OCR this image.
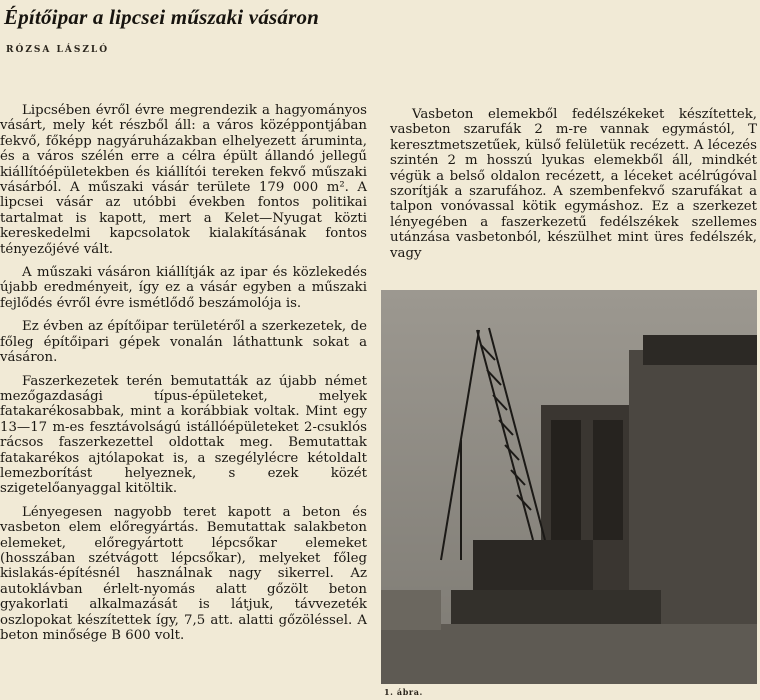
Építőipar a lipcsei műszaki vásáron
RÓZSA LÁSZLÓ

Lipcsében évről évre megrendezik a hagyományos vásárt, mely két részből áll: a város középpontjában fekvő, főképp nagyáruházakban elhelyezett áruminta, és a város szélén erre a célra épült állandó jellegű kiállítóépületekben és kiállítói tereken fekvő műszaki vásárból. A műszaki vásár területe 179 000 m². A lipcsei vásár az utóbbi években fontos politikai tartalmat is kapott, mert a Kelet—Nyugat közti kereskedelmi kapcsolatok kialakításának fontos tényezőjévé vált.

A műszaki vásáron kiállítják az ipar és közlekedés újabb eredményeit, így ez a vásár egyben a műszaki fejlődés évről évre ismétlődő beszámolója is.

Ez évben az építőipar területéről a szerkezetek, de főleg építőipari gépek vonalán láthattunk sokat a vásáron.

Faszerkezetek terén bemutatták az újabb német mezőgazdasági típus-épületeket, melyek fatakarékosabbak, mint a korábbiak voltak. Mint egy 13—17 m-es fesztávolságú istállóépületeket 2-csuklós rácsos faszerkezettel oldottak meg. Bemutattak fatakarékos ajtólapokat is, a szegélylécre kétoldalt lemezborítást helyeznek, s ezek közét szigetelőanyaggal kitöltik.

Lényegesen nagyobb teret kapott a beton és vasbeton elem előregyártás. Bemutattak salakbeton elemeket, előregyártott lépcsőkar elemeket (hosszában szétvágott lépcsőkar), melyeket főleg kislakás-építésnél használnak nagy sikerrel. Az autoklávban érlelt-nyomás alatt gőzölt beton gyakorlati alkalmazását is látjuk, távvezeték oszlopokat készítettek így, 7,5 att. alatti gőzöléssel. A beton minősége B 600 volt.

Vasbeton elemekből fedélszékeket készítettek, vasbeton szarufák 2 m-re vannak egymástól, T keresztmetszetűek, külső felületük recézett. A lécezés szintén 2 m hosszú lyukas elemekből áll, mindkét végük a belső oldalon recézett, a léceket acélrúgóval szorítják a szarufához. A szembenfekvő szarufákat a talpon vonóvassal kötik egymáshoz. Ez a szerkezet lényegében a faszerkezetű fedélszékek szellemes utánzása vasbetonból, készülhet mint üres fedélszék, vagy

1. ábra.
